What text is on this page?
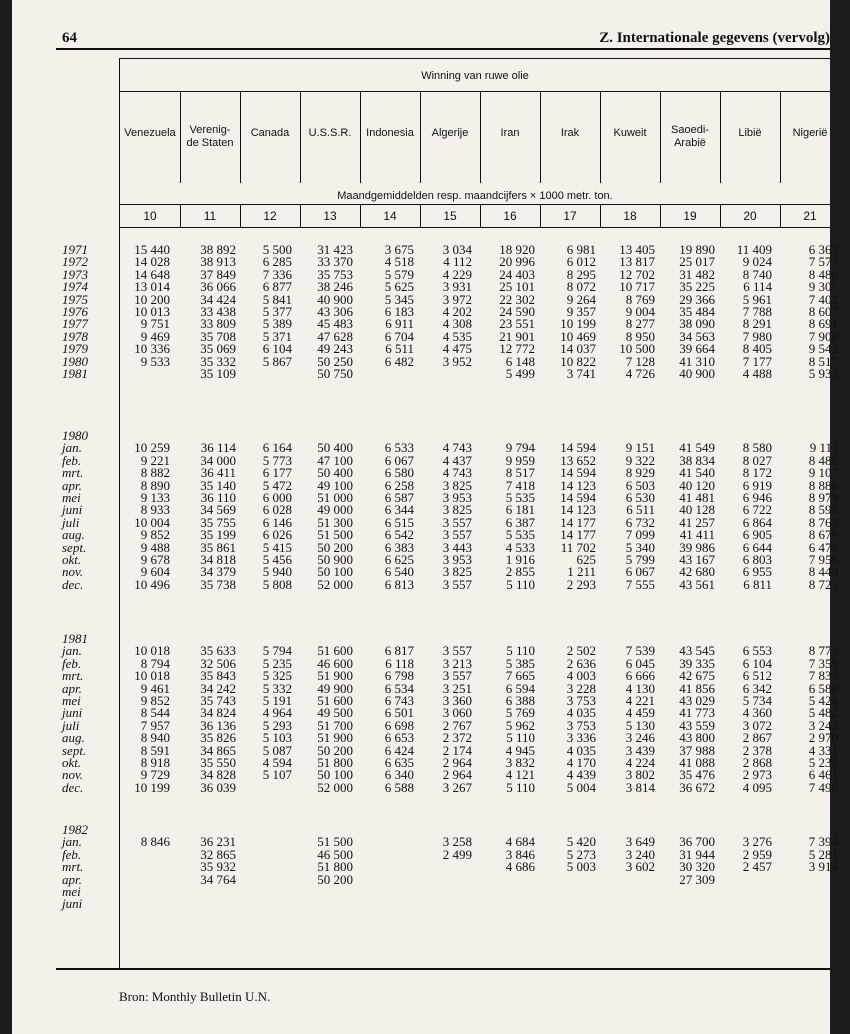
64	Z. Internationale gegevens (vervolg)
Winning van ruwe olie
Maandgemiddelden resp. maandcijfers × 1000 metr. ton.
Venezuela
10
Verenig-
de Staten
11
Canada
12
U.S.S.R.
13
Indonesia
14
Algerije
15
Iran
16
Irak
17
Kuweit
18
Saoedi-
Arabië
19
Libië
20
Nigerië
21
1971
1972
1973
1974
1975
1976
1977
1978
1979
1980
1981
15 440
14 028
14 648
13 014
10 200
10 013
9 751
9 469
10 336
9 533

38 892
38 913
37 849
36 066
34 424
33 438
33 809
35 708
35 069
35 332
35 109
5 500
6 285
7 336
6 877
5 841
5 377
5 389
5 371
6 104
5 867

31 423
33 370
35 753
38 246
40 900
43 306
45 483
47 628
49 243
50 250
50 750
3 675
4 518
5 579
5 625
5 345
6 183
6 911
6 704
6 511
6 482

3 034
4 112
4 229
3 931
3 972
4 202
4 308
4 535
4 475
3 952

18 920
20 996
24 403
25 101
22 302
24 590
23 551
21 901
12 772
6 148
5 499
6 981
6 012
8 295
8 072
9 264
9 357
10 199
10 469
14 037
10 822
3 741
13 405
13 817
12 702
10 717
8 769
9 004
8 277
8 950
10 500
7 128
4 726
19 890
25 017
31 482
35 225
29 366
35 484
38 090
34 563
39 664
41 310
40 900
11 409
9 024
8 740
6 114
5 961
7 788
8 291
7 980
8 405
7 177
4 488
6 365
7 577
8 480
9 305
7 402
8 607
8 691
7 908
9 542
8 517
5 932
1980
jan.
feb.
mrt.
apr.
mei
juni
juli
aug.
sept.
okt.
nov.
dec.

10 259
9 221
8 882
8 890
9 133
8 933
10 004
9 852
9 488
9 678
9 604
10 496

36 114
34 000
36 411
35 140
36 110
34 569
35 755
35 199
35 861
34 818
34 379
35 738

6 164
5 773
6 177
5 472
6 000
6 028
6 146
6 026
5 415
5 456
5 940
5 808

50 400
47 100
50 400
49 100
51 000
49 000
51 300
51 500
50 200
50 900
50 100
52 000

6 533
6 067
6 580
6 258
6 587
6 344
6 515
6 542
6 383
6 625
6 540
6 813

4 743
4 437
4 743
3 825
3 953
3 825
3 557
3 557
3 443
3 953
3 825
3 557

9 794
9 959
8 517
7 418
5 535
6 181
6 387
5 535
4 533
1 916
2 855
5 110

14 594
13 652
14 594
14 123
14 594
14 123
14 177
14 177
11 702
625
1 211
2 293

9 151
9 322
8 929
6 503
6 530
6 511
6 732
7 099
5 340
5 799
6 067
7 555

41 549
38 834
41 540
40 120
41 481
40 128
41 257
41 411
39 986
43 167
42 680
43 561

8 580
8 027
8 172
6 919
6 946
6 722
6 864
6 905
6 644
6 803
6 955
6 811

9 111
8 486
9 107
8 886
8 979
8 599
8 763
8 679
6 474
7 956
8 448
8 721
1981
jan.
feb.
mrt.
apr.
mei
juni
juli
aug.
sept.
okt.
nov.
dec.

10 018
8 794
10 018
9 461
9 852
8 544
7 957
8 940
8 591
8 918
9 729
10 199

35 633
32 506
35 843
34 242
35 743
34 824
36 136
35 826
34 865
35 550
34 828
36 039

5 794
5 235
5 325
5 332
5 191
4 964
5 293
5 103
5 087
4 594
5 107

51 600
46 600
51 900
49 900
51 600
49 500
51 700
51 900
50 200
51 800
50 100
52 000

6 817
6 118
6 798
6 534
6 743
6 501
6 698
6 653
6 424
6 635
6 340
6 588

3 557
3 213
3 557
3 251
3 360
3 060
2 767
2 372
2 174
2 964
2 964
3 267

5 110
5 385
7 665
6 594
6 388
5 769
5 962
5 110
4 945
3 832
4 121
5 110

2 502
2 636
4 003
3 228
3 753
4 035
3 753
3 336
4 035
4 170
4 439
5 004

7 539
6 045
6 666
4 130
4 221
4 459
5 130
3 246
3 439
4 224
3 802
3 814

43 545
39 335
42 675
41 856
43 029
41 773
43 559
43 800
37 988
41 088
35 476
36 672

6 553
6 104
6 512
6 342
5 734
4 360
3 072
2 867
2 378
2 868
2 973
4 095

8 773
7 359
7 833
6 588
5 424
5 482
3 242
2 970
4 331
5 239
6 461
7 490
1982
jan.
feb.
mrt.
apr.
mei
juni

8 846	
36 231
32 865
35 932
34 764

51 500
46 500
51 800
50 200

3 258
2 499

4 684
3 846
4 686

5 420
5 273
5 003

3 649
3 240
3 602

36 700
31 944
30 320
27 309

3 276
2 959
2 457

7 394
5 281
3 914

Bron: Monthly Bulletin U.N.
